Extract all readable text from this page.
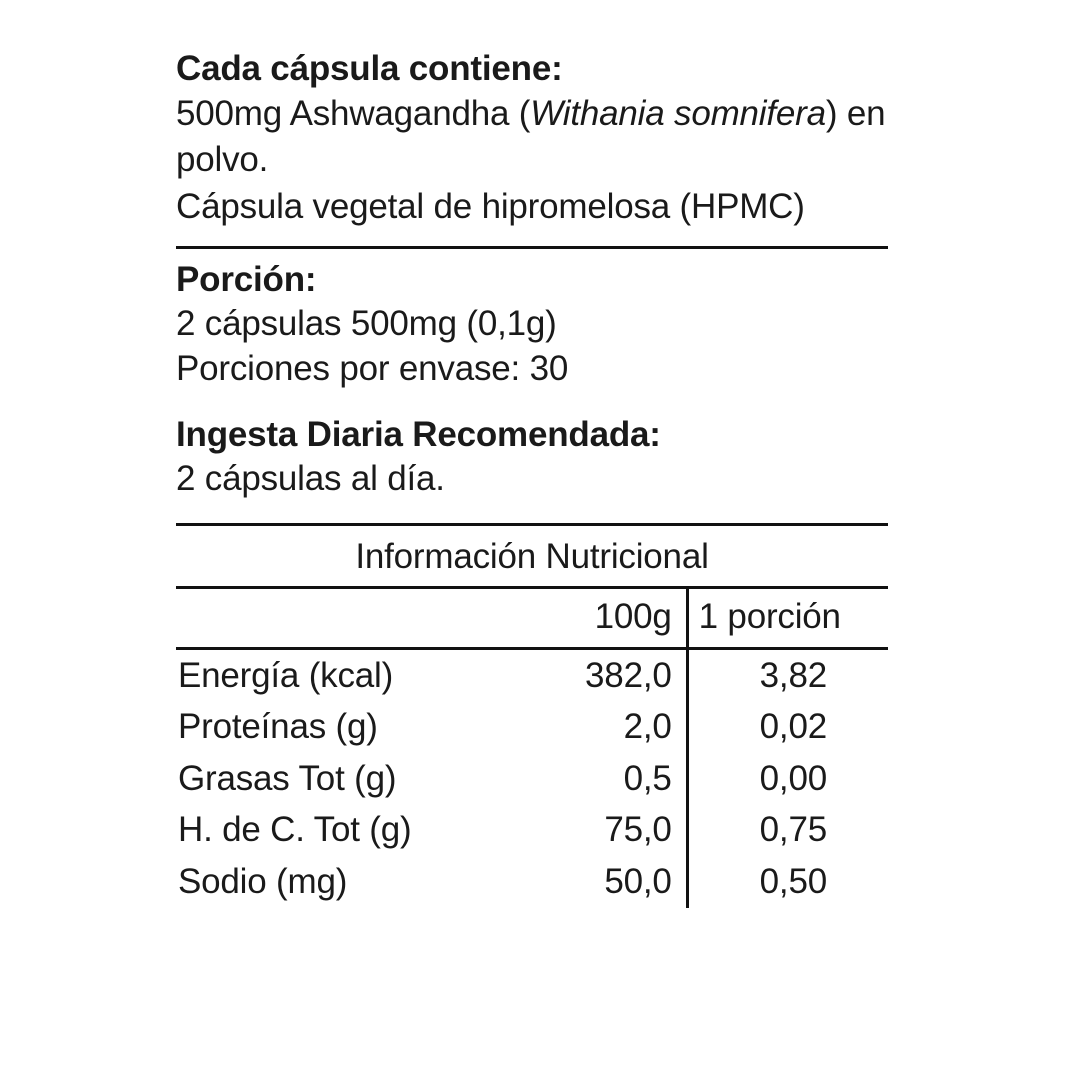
Cada cápsula contiene:
500mg Ashwagandha (Withania somnifera) en polvo.
Cápsula vegetal de hipromelosa (HPMC)
Porción:
2 cápsulas 500mg (0,1g)
Porciones por envase: 30
Ingesta Diaria Recomendada:
2 cápsulas al día.
Información Nutricional
	100g	1 porción

Energía (kcal)	382,0	3,82
Proteínas (g)	2,0	0,02
Grasas Tot (g)	0,5	0,00
H. de C. Tot (g)	75,0	0,75
Sodio (mg)	50,0	0,50
